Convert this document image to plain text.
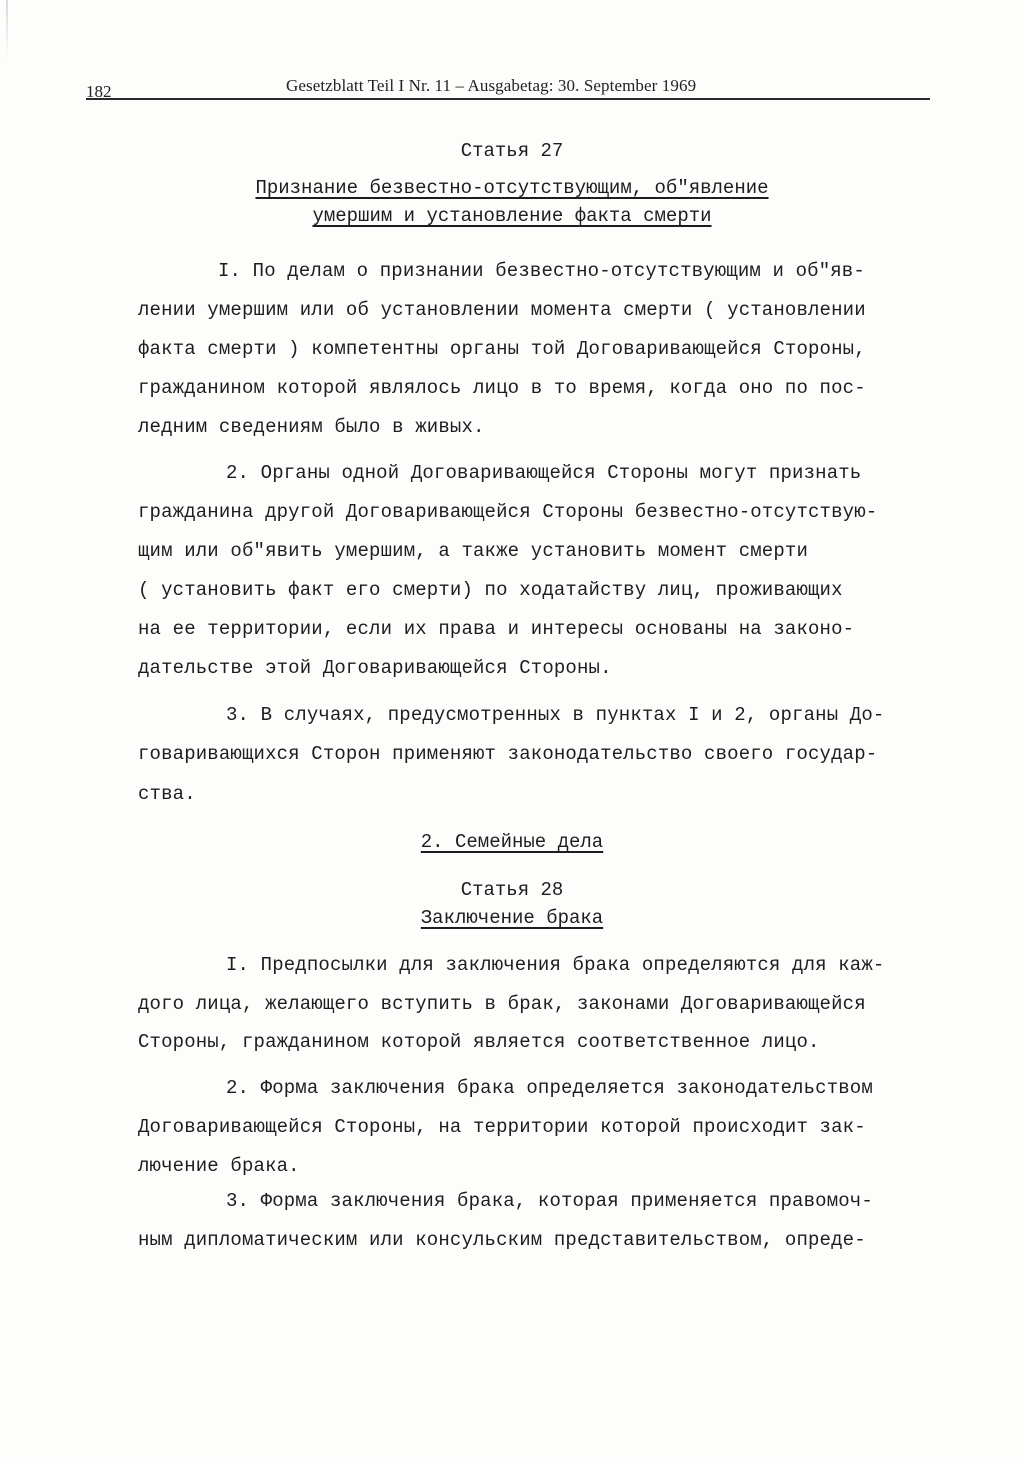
182	Gesetzblatt Teil I Nr. 11 – Ausgabetag: 30. September 1969
Статья 27
Признание безвестно-отсутствующим, об"явление
умершим и установление факта смерти
I. По делам о признании безвестно-отсутствующим и об"яв-
лении умершим или об установлении момента смерти ( установлении
факта смерти ) компетентны органы той Договаривающейся Стороны,
гражданином которой являлось лицо в то время, когда оно по пос-
ледним сведениям было в живых.
2. Органы одной Договаривающейся Стороны могут признать
гражданина другой Договаривающейся Стороны безвестно-отсутствую-
щим или об"явить умершим, а также установить момент смерти
( установить факт его смерти) по ходатайству лиц, проживающих
на ее территории, если их права и интересы основаны на законо-
дательстве этой Договаривающейся Стороны.
3. В случаях, предусмотренных в пунктах I и 2, органы До-
говаривающихся Сторон применяют законодательство своего государ-
ства.
2. Семейные дела
Статья 28
Заключение брака
I. Предпосылки для заключения брака определяются для каж-
дого лица, желающего вступить в брак, законами Договаривающейся
Стороны, гражданином которой является соответственное лицо.
2. Форма заключения брака определяется законодательством
Договаривающейся Стороны, на территории которой происходит зак-
лючение брака.
3. Форма заключения брака, которая применяется правомоч-
ным дипломатическим или консульским представительством, опреде-
